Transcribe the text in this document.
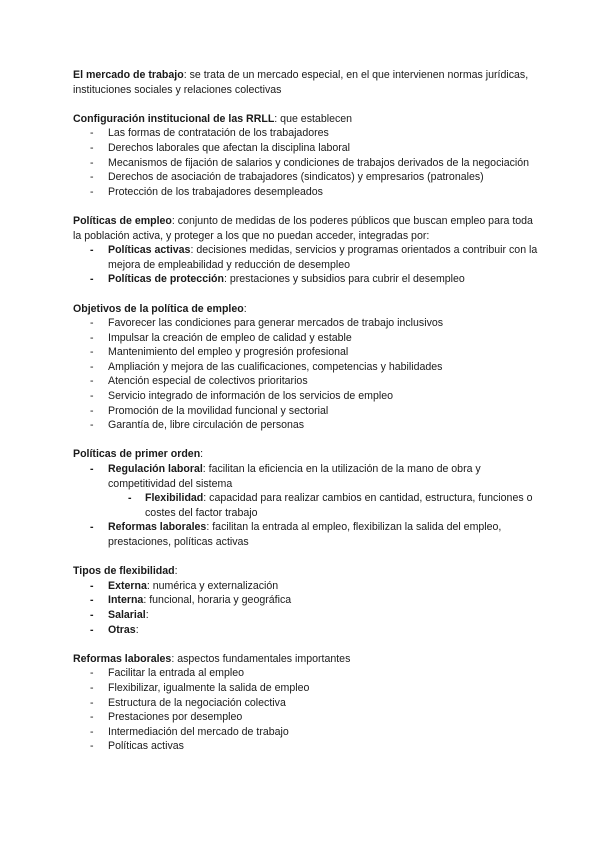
El mercado de trabajo: se trata de un mercado especial, en el que intervienen normas jurídicas, instituciones sociales y relaciones colectivas

Configuración institucional de las RRLL: que establecen

- Las formas de contratación de los trabajadores
- Derechos laborales que afectan la disciplina laboral
- Mecanismos de fijación de salarios y condiciones de trabajos derivados de la negociación
- Derechos de asociación de trabajadores (sindicatos) y empresarios (patronales)
- Protección de los trabajadores desempleados

Políticas de empleo: conjunto de medidas de los poderes públicos que buscan empleo para toda la población activa, y proteger a los que no puedan acceder, integradas por:

- Políticas activas: decisiones medidas, servicios y programas orientados a contribuir con la mejora de empleabilidad y reducción de desempleo
- Políticas de protección: prestaciones y subsidios para cubrir el desempleo

Objetivos de la política de empleo:

- Favorecer las condiciones para generar mercados de trabajo inclusivos
- Impulsar la creación de empleo de calidad y estable
- Mantenimiento del empleo y progresión profesional
- Ampliación y mejora de las cualificaciones, competencias y habilidades
- Atención especial de colectivos prioritarios
- Servicio integrado de información de los servicios de empleo
- Promoción de la movilidad funcional y sectorial
- Garantía de, libre circulación de personas

Políticas de primer orden:

- Regulación laboral: facilitan la eficiencia en la utilización de la mano de obra y competitividad del sistema
- Flexibilidad: capacidad para realizar cambios en cantidad, estructura, funciones o costes del factor trabajo
- Reformas laborales: facilitan la entrada al empleo, flexibilizan la salida del empleo, prestaciones, políticas activas

Tipos de flexibilidad:

- Externa: numérica y externalización
- Interna: funcional, horaria y geográfica
- Salarial:
- Otras:

Reformas laborales: aspectos fundamentales importantes

- Facilitar la entrada al empleo
- Flexibilizar, igualmente la salida de empleo
- Estructura de la negociación colectiva
- Prestaciones por desempleo
- Intermediación del mercado de trabajo
- Políticas activas
